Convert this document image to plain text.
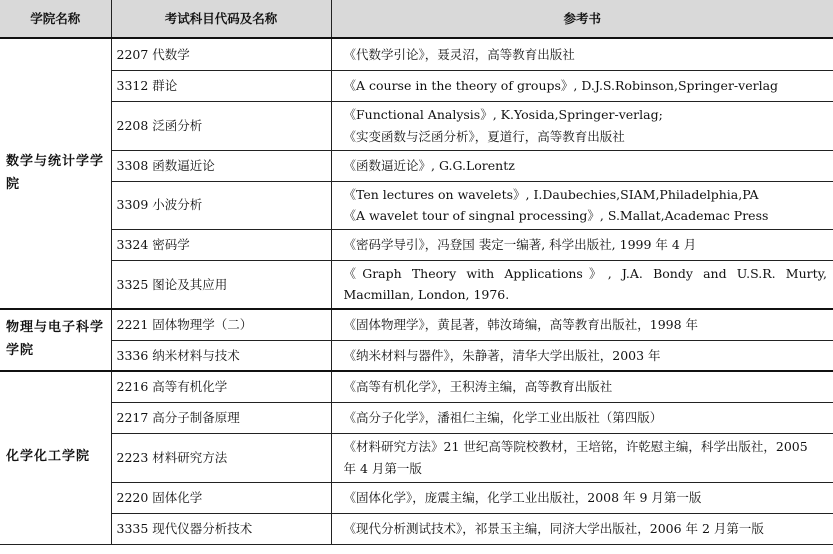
学院名称	考试科目代码及名称	参考书
数学与统计学学院	2207 代数学	《代数学引论》，聂灵沼，高等教育出版社

	3312 群论	《A course in the theory of groups》, D.J.S.Robinson,Springer-verlag

	2208 泛函分析	《Functional Analysis》, K.Yosida,Springer-verlag;
《实变函数与泛函分析》，夏道行，高等教育出版社

	3308 函数逼近论	《函数逼近论》, G.G.Lorentz

	3309 小波分析	《Ten lectures on wavelets》, I.Daubechies,SIAM,Philadelphia,PA
《A wavelet tour of singnal processing》, S.Mallat,Academac Press

	3324 密码学	《密码学导引》，冯登国 裴定一编著, 科学出版社, 1999 年 4 月

	3325 图论及其应用	《Graph Theory with Applications》, J.A. Bondy and U.S.R. Murty,
Macmillan, London, 1976.

物理与电子科学学院	2221 固体物理学（二）	《固体物理学》，黄昆著，韩汝琦编，高等教育出版社，1998 年

	3336 纳米材料与技术	《纳米材料与器件》，朱静著，清华大学出版社，2003 年

化学化工学院	2216 高等有机化学	《高等有机化学》，王积涛主编，高等教育出版社

	2217 高分子制备原理	《高分子化学》，潘祖仁主编，化学工业出版社（第四版）

	2223 材料研究方法	《材料研究方法》21 世纪高等院校教材，王培铭，许乾慰主编，科学出版社，2005
年 4 月第一版

	2220 固体化学	《固体化学》，庞震主编，化学工业出版社，2008 年 9 月第一版

	3335 现代仪器分析技术	《现代分析测试技术》，祁景玉主编，同济大学出版社，2006 年 2 月第一版
